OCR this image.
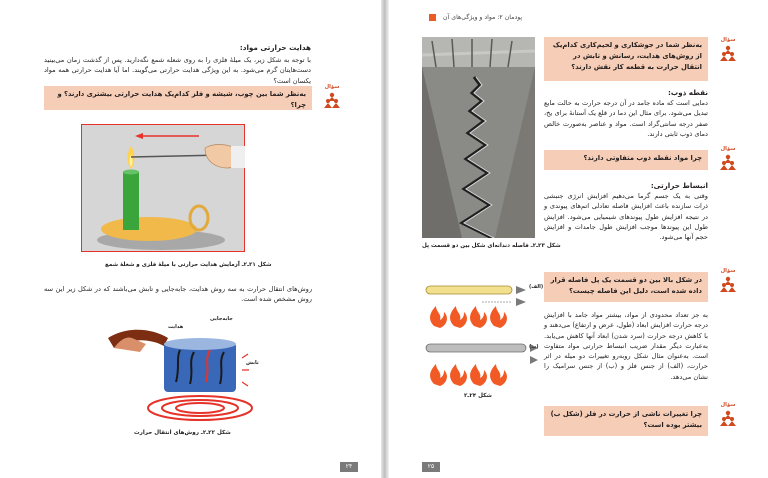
هدایت حرارتی مواد:

با توجه به شکل زیر، یک میلهٔ فلزی را به روی شعله شمع نگه‌دارید. پس از گذشت زمان می‌بینید دست‌هایتان گرم می‌شود. به این ویژگی هدایت حرارتی می‌گویند. اما آیا هدایت حرارتی همه مواد یکسان است؟

به‌نظر شما بین چوب، شیشه و فلز کدام‌یک هدایت حرارتی بیشتری دارند؟ و چرا؟
سؤال

شکل ۲۱ـ۲ـ آزمایش هدایت حرارتی با میلهٔ فلزی و شعلهٔ شمع

روش‌های انتقال حرارت به سه روش هدایت، جابه‌جایی و تابش می‌باشند که در شکل زیر این سه روش مشخص شده است.

هدایت
جابه‌جایی
تابش

شکل ۲۲ـ۲ـ روش‌های انتقال حرارت

۲۴
پودمان ۲: مواد و ویژگی‌های آن

شکل ۲۳ـ۲ـ فاصله دندانه‌ای شکل بین دو قسمت پل

به‌نظر شما در جوشکاری و لحیم‌کاری کدام‌یک از روش‌های هدایت، رسانش و تابش در انتقال حرارت به قطعه کار نقش دارند؟
سؤال

نقطه ذوب:

دمایی است که ماده جامد در آن درجه حرارت به حالت مایع تبدیل می‌شود. برای مثال این دما در قلع یک آستانهٔ برای یخ، صفر درجه سانتی‌گراد است. مواد و عناصر به‌صورت خالص دمای ذوب ثابتی دارند.

چرا مواد نقطه ذوب متفاوتی دارند؟
سؤال

انبساط حرارتی:

وقتی به یک جسم گرما می‌دهیم افزایش انرژی جنبشی ذرات سازنده باعث افزایش فاصله تعادلی اتم‌های پیوندی و در نتیجه افزایش طول پیوندهای شیمیایی می‌شود. افزایش طول این پیوندها موجب افزایش طول جامدات و افزایش حجم آنها می‌شود.

در شکل بالا بین دو قسمت یک پل فاصله قرار داده شده است، دلیل این فاصله چیست؟
سؤال
(الف)
(ب)

شکل ۲۴ـ۲

به جز تعداد محدودی از مواد، بیشتر مواد جامد با افزایش درجه حرارت افزایش ابعاد (طول، عرض و ارتفاع) می‌دهند و با کاهش درجه حرارت (سرد شدن) ابعاد آنها کاهش می‌یابد. به‌عبارت دیگر مقدار ضریب انبساط حرارتی مواد متفاوت است. به‌عنوان مثال شکل روبه‌رو تغییرات دو میله در اثر حرارت، (الف) از جنس فلز و (ب) از جنس سرامیک را نشان می‌دهد.

چرا تغییرات ناشی از حرارت در فلز (شکل ب) بیشتر بوده است؟
سؤال
۲۵
